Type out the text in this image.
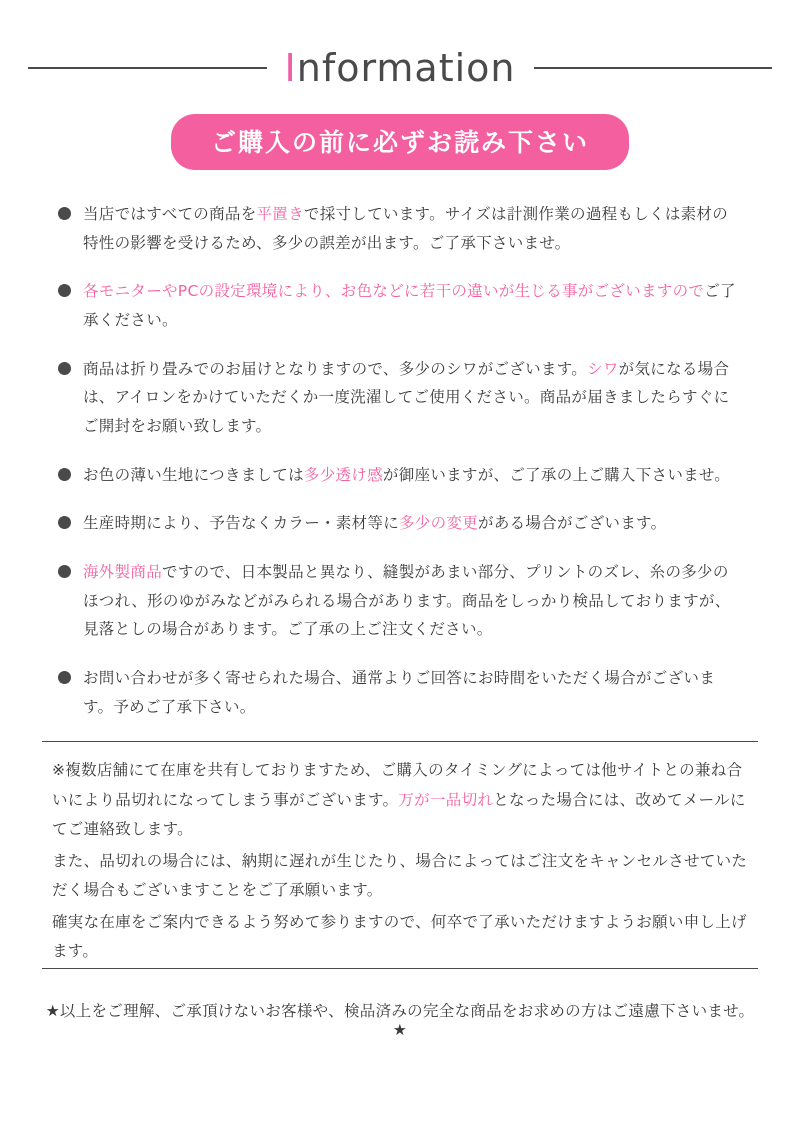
Information
ご購入の前に必ずお読み下さい
当店ではすべての商品を平置きで採寸しています。サイズは計測作業の過程もしくは素材の特性の影響を受けるため、多少の誤差が出ます。ご了承下さいませ。
各モニターやPCの設定環境により、お色などに若干の違いが生じる事がございますのでご了承ください。
商品は折り畳みでのお届けとなりますので、多少のシワがございます。シワが気になる場合は、アイロンをかけていただくか一度洗濯してご使用ください。商品が届きましたらすぐにご開封をお願い致します。
お色の薄い生地につきましては多少透け感が御座いますが、ご了承の上ご購入下さいませ。
生産時期により、予告なくカラー・素材等に多少の変更がある場合がございます。
海外製商品ですので、日本製品と異なり、縫製があまい部分、プリントのズレ、糸の多少のほつれ、形のゆがみなどがみられる場合があります。商品をしっかり検品しておりますが、見落としの場合があります。ご了承の上ご注文ください。
お問い合わせが多く寄せられた場合、通常よりご回答にお時間をいただく場合がございます。予めご了承下さい。

※複数店舗にて在庫を共有しておりますため、ご購入のタイミングによっては他サイトとの兼ね合いにより品切れになってしまう事がございます。万が一品切れとなった場合には、改めてメールにてご連絡致します。

また、品切れの場合には、納期に遅れが生じたり、場合によってはご注文をキャンセルさせていただく場合もございますことをご了承願います。

確実な在庫をご案内できるよう努めて参りますので、何卒で了承いただけますようお願い申し上げます。

★以上をご理解、ご承頂けないお客様や、検品済みの完全な商品をお求めの方はご遠慮下さいませ。★
